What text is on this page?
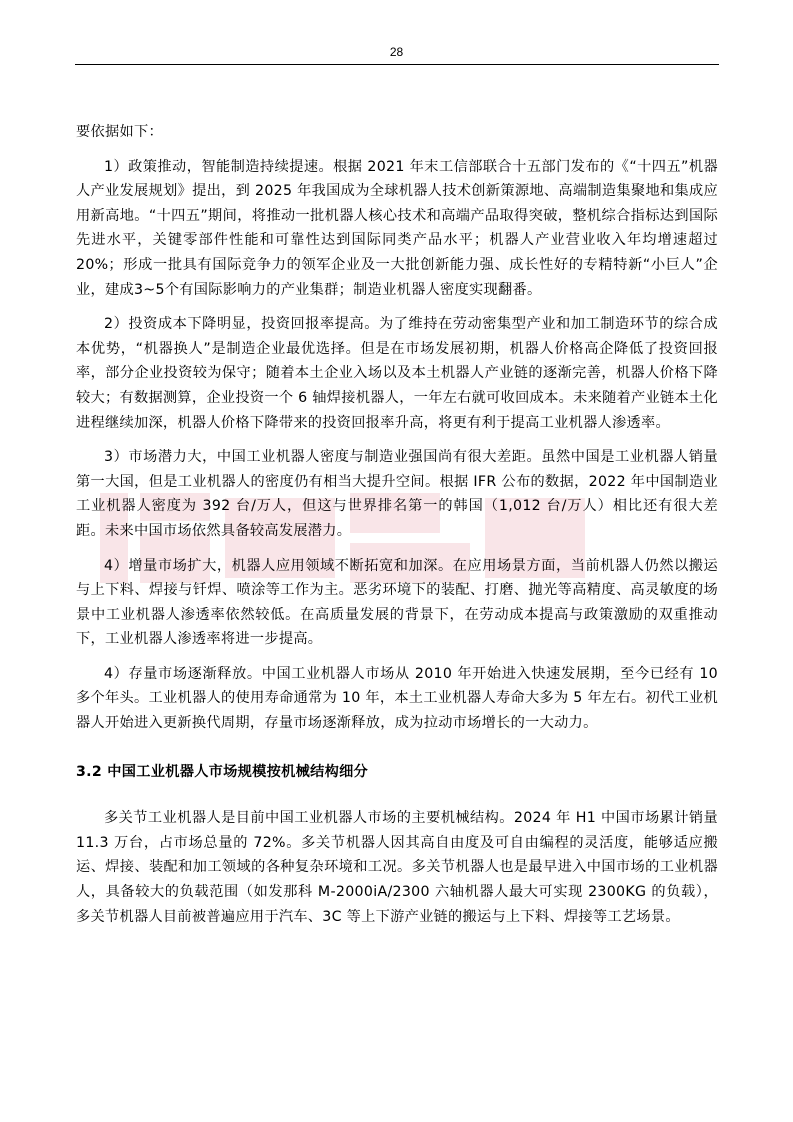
28

要依据如下：

1）政策推动，智能制造持续提速。根据 2021 年末工信部联合十五部门发布的《“十四五”机器人产业发展规划》提出，到 2025 年我国成为全球机器人技术创新策源地、高端制造集聚地和集成应用新高地。“十四五”期间，将推动一批机器人核心技术和高端产品取得突破，整机综合指标达到国际先进水平，关键零部件性能和可靠性达到国际同类产品水平；机器人产业营业收入年均增速超过 20%；形成一批具有国际竞争力的领军企业及一大批创新能力强、成长性好的专精特新“小巨人”企业，建成3~5个有国际影响力的产业集群；制造业机器人密度实现翻番。

2）投资成本下降明显，投资回报率提高。为了维持在劳动密集型产业和加工制造环节的综合成本优势，“机器换人”是制造企业最优选择。但是在市场发展初期，机器人价格高企降低了投资回报率，部分企业投资较为保守；随着本土企业入场以及本土机器人产业链的逐渐完善，机器人价格下降较大；有数据测算，企业投资一个 6 轴焊接机器人，一年左右就可收回成本。未来随着产业链本土化进程继续加深，机器人价格下降带来的投资回报率升高，将更有利于提高工业机器人渗透率。

3）市场潜力大，中国工业机器人密度与制造业强国尚有很大差距。虽然中国是工业机器人销量第一大国，但是工业机器人的密度仍有相当大提升空间。根据 IFR 公布的数据，2022 年中国制造业工业机器人密度为 392 台/万人，但这与世界排名第一的韩国（1,012 台/万人）相比还有很大差距。未来中国市场依然具备较高发展潜力。

4）增量市场扩大，机器人应用领域不断拓宽和加深。在应用场景方面，当前机器人仍然以搬运与上下料、焊接与钎焊、喷涂等工作为主。恶劣环境下的装配、打磨、抛光等高精度、高灵敏度的场景中工业机器人渗透率依然较低。在高质量发展的背景下，在劳动成本提高与政策激励的双重推动下，工业机器人渗透率将进一步提高。

4）存量市场逐渐释放。中国工业机器人市场从 2010 年开始进入快速发展期，至今已经有 10 多个年头。工业机器人的使用寿命通常为 10 年，本土工业机器人寿命大多为 5 年左右。初代工业机器人开始进入更新换代周期，存量市场逐渐释放，成为拉动市场增长的一大动力。

3.2 中国工业机器人市场规模按机械结构细分

多关节工业机器人是目前中国工业机器人市场的主要机械结构。2024 年 H1 中国市场累计销量 11.3 万台，占市场总量的 72%。多关节机器人因其高自由度及可自由编程的灵活度，能够适应搬运、焊接、装配和加工领域的各种复杂环境和工况。多关节机器人也是最早进入中国市场的工业机器人，具备较大的负载范围（如发那科 M-2000iA/2300 六轴机器人最大可实现 2300KG 的负载），多关节机器人目前被普遍应用于汽车、3C 等上下游产业链的搬运与上下料、焊接等工艺场景。
